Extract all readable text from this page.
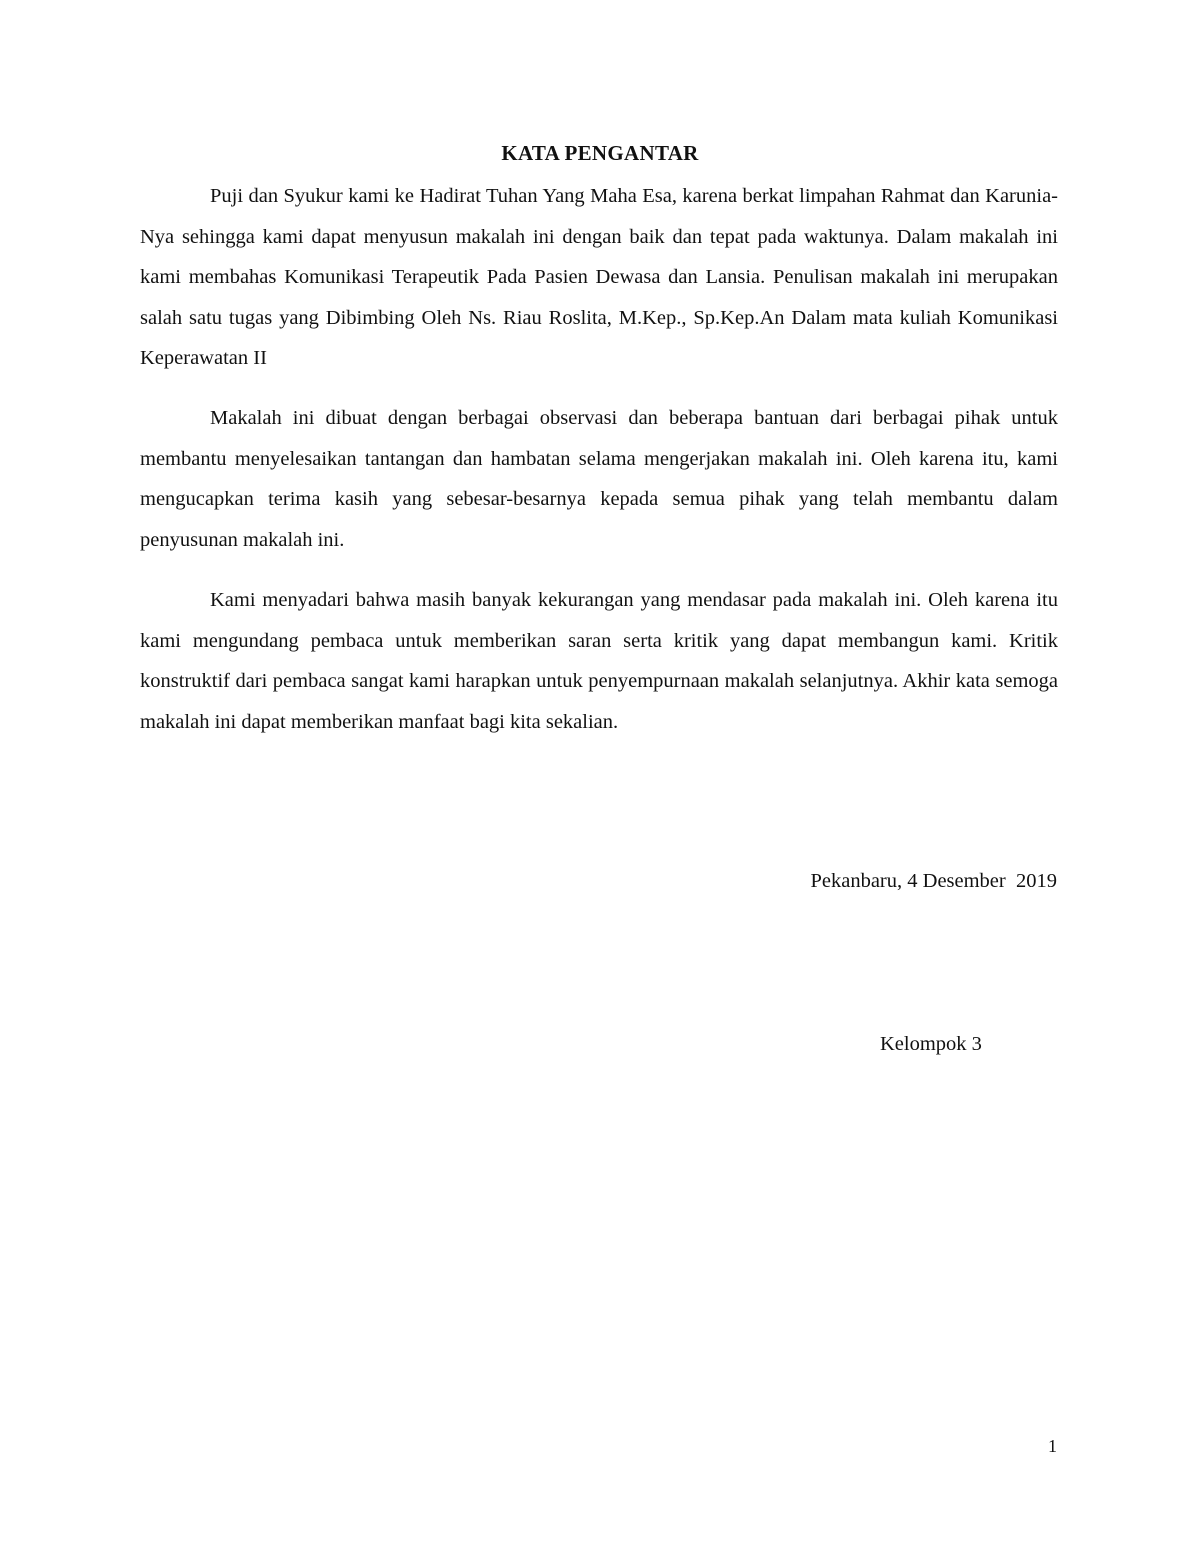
KATA PENGANTAR

Puji dan Syukur kami ke Hadirat Tuhan Yang Maha Esa, karena berkat limpahan Rahmat dan Karunia-Nya sehingga kami dapat menyusun makalah ini dengan baik dan tepat pada waktunya. Dalam makalah ini kami membahas Komunikasi Terapeutik Pada Pasien Dewasa dan Lansia. Penulisan makalah ini merupakan salah satu tugas yang Dibimbing Oleh Ns. Riau Roslita, M.Kep., Sp.Kep.An Dalam mata kuliah Komunikasi Keperawatan II

Makalah ini dibuat dengan berbagai observasi dan beberapa bantuan dari berbagai pihak untuk membantu menyelesaikan tantangan dan hambatan selama mengerjakan makalah ini. Oleh karena itu, kami mengucapkan terima kasih yang sebesar-besarnya kepada semua pihak yang telah membantu dalam penyusunan makalah ini.

Kami menyadari bahwa masih banyak kekurangan yang mendasar pada makalah ini. Oleh karena itu kami mengundang pembaca untuk memberikan saran serta kritik yang dapat membangun kami. Kritik konstruktif dari pembaca sangat kami harapkan untuk penyempurnaan makalah selanjutnya. Akhir kata semoga makalah ini dapat memberikan manfaat bagi kita sekalian.

Pekanbaru, 4 Desember  2019
Kelompok 3
1
